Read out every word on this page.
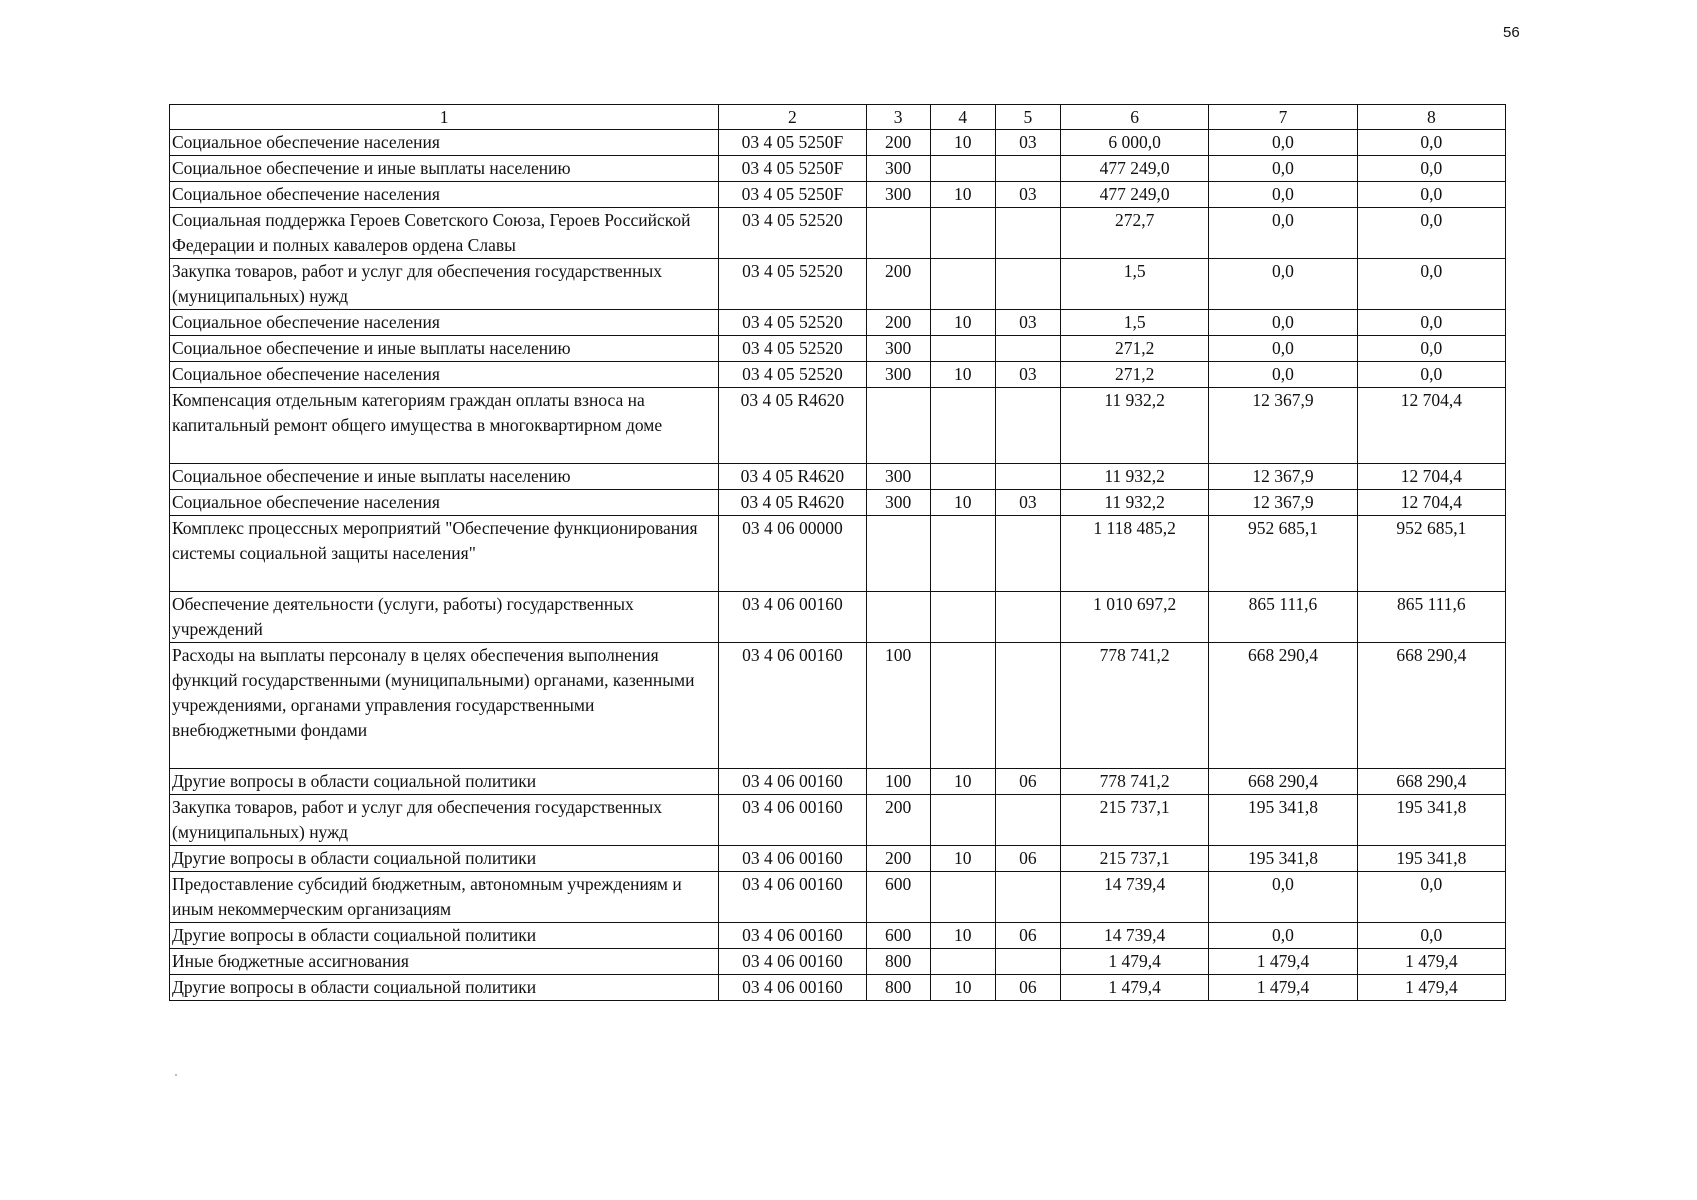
56
1	2	3	4	5	6	7	8
Социальное обеспечение населения	03 4 05 5250F	200	10	03	6 000,0	0,0	0,0
Социальное обеспечение и иные выплаты населению	03 4 05 5250F	300			477 249,0	0,0	0,0
Социальное обеспечение населения	03 4 05 5250F	300	10	03	477 249,0	0,0	0,0
Социальная поддержка Героев Советского Союза, Героев Российской Федерации и полных кавалеров ордена Славы	03 4 05 52520				272,7	0,0	0,0
Закупка товаров, работ и услуг для обеспечения государственных (муниципальных) нужд	03 4 05 52520	200			1,5	0,0	0,0
Социальное обеспечение населения	03 4 05 52520	200	10	03	1,5	0,0	0,0
Социальное обеспечение и иные выплаты населению	03 4 05 52520	300			271,2	0,0	0,0
Социальное обеспечение населения	03 4 05 52520	300	10	03	271,2	0,0	0,0
Компенсация отдельным категориям граждан оплаты взноса на капитальный ремонт общего имущества в многоквартирном доме	03 4 05 R4620				11 932,2	12 367,9	12 704,4
Социальное обеспечение и иные выплаты населению	03 4 05 R4620	300			11 932,2	12 367,9	12 704,4
Социальное обеспечение населения	03 4 05 R4620	300	10	03	11 932,2	12 367,9	12 704,4
Комплекс процессных мероприятий "Обеспечение функционирования системы социальной защиты населения"	03 4 06 00000				1 118 485,2	952 685,1	952 685,1
Обеспечение деятельности (услуги, работы) государственных учреждений	03 4 06 00160				1 010 697,2	865 111,6	865 111,6
Расходы на выплаты персоналу в целях обеспечения выполнения функций государственными (муниципальными) органами, казенными учреждениями, органами управления государственными внебюджетными фондами	03 4 06 00160	100			778 741,2	668 290,4	668 290,4
Другие вопросы в области социальной политики	03 4 06 00160	100	10	06	778 741,2	668 290,4	668 290,4
Закупка товаров, работ и услуг для обеспечения государственных (муниципальных) нужд	03 4 06 00160	200			215 737,1	195 341,8	195 341,8
Другие вопросы в области социальной политики	03 4 06 00160	200	10	06	215 737,1	195 341,8	195 341,8
Предоставление субсидий бюджетным, автономным учреждениям и иным некоммерческим организациям	03 4 06 00160	600			14 739,4	0,0	0,0
Другие вопросы в области социальной политики	03 4 06 00160	600	10	06	14 739,4	0,0	0,0
Иные бюджетные ассигнования	03 4 06 00160	800			1 479,4	1 479,4	1 479,4
Другие вопросы в области социальной политики	03 4 06 00160	800	10	06	1 479,4	1 479,4	1 479,4
